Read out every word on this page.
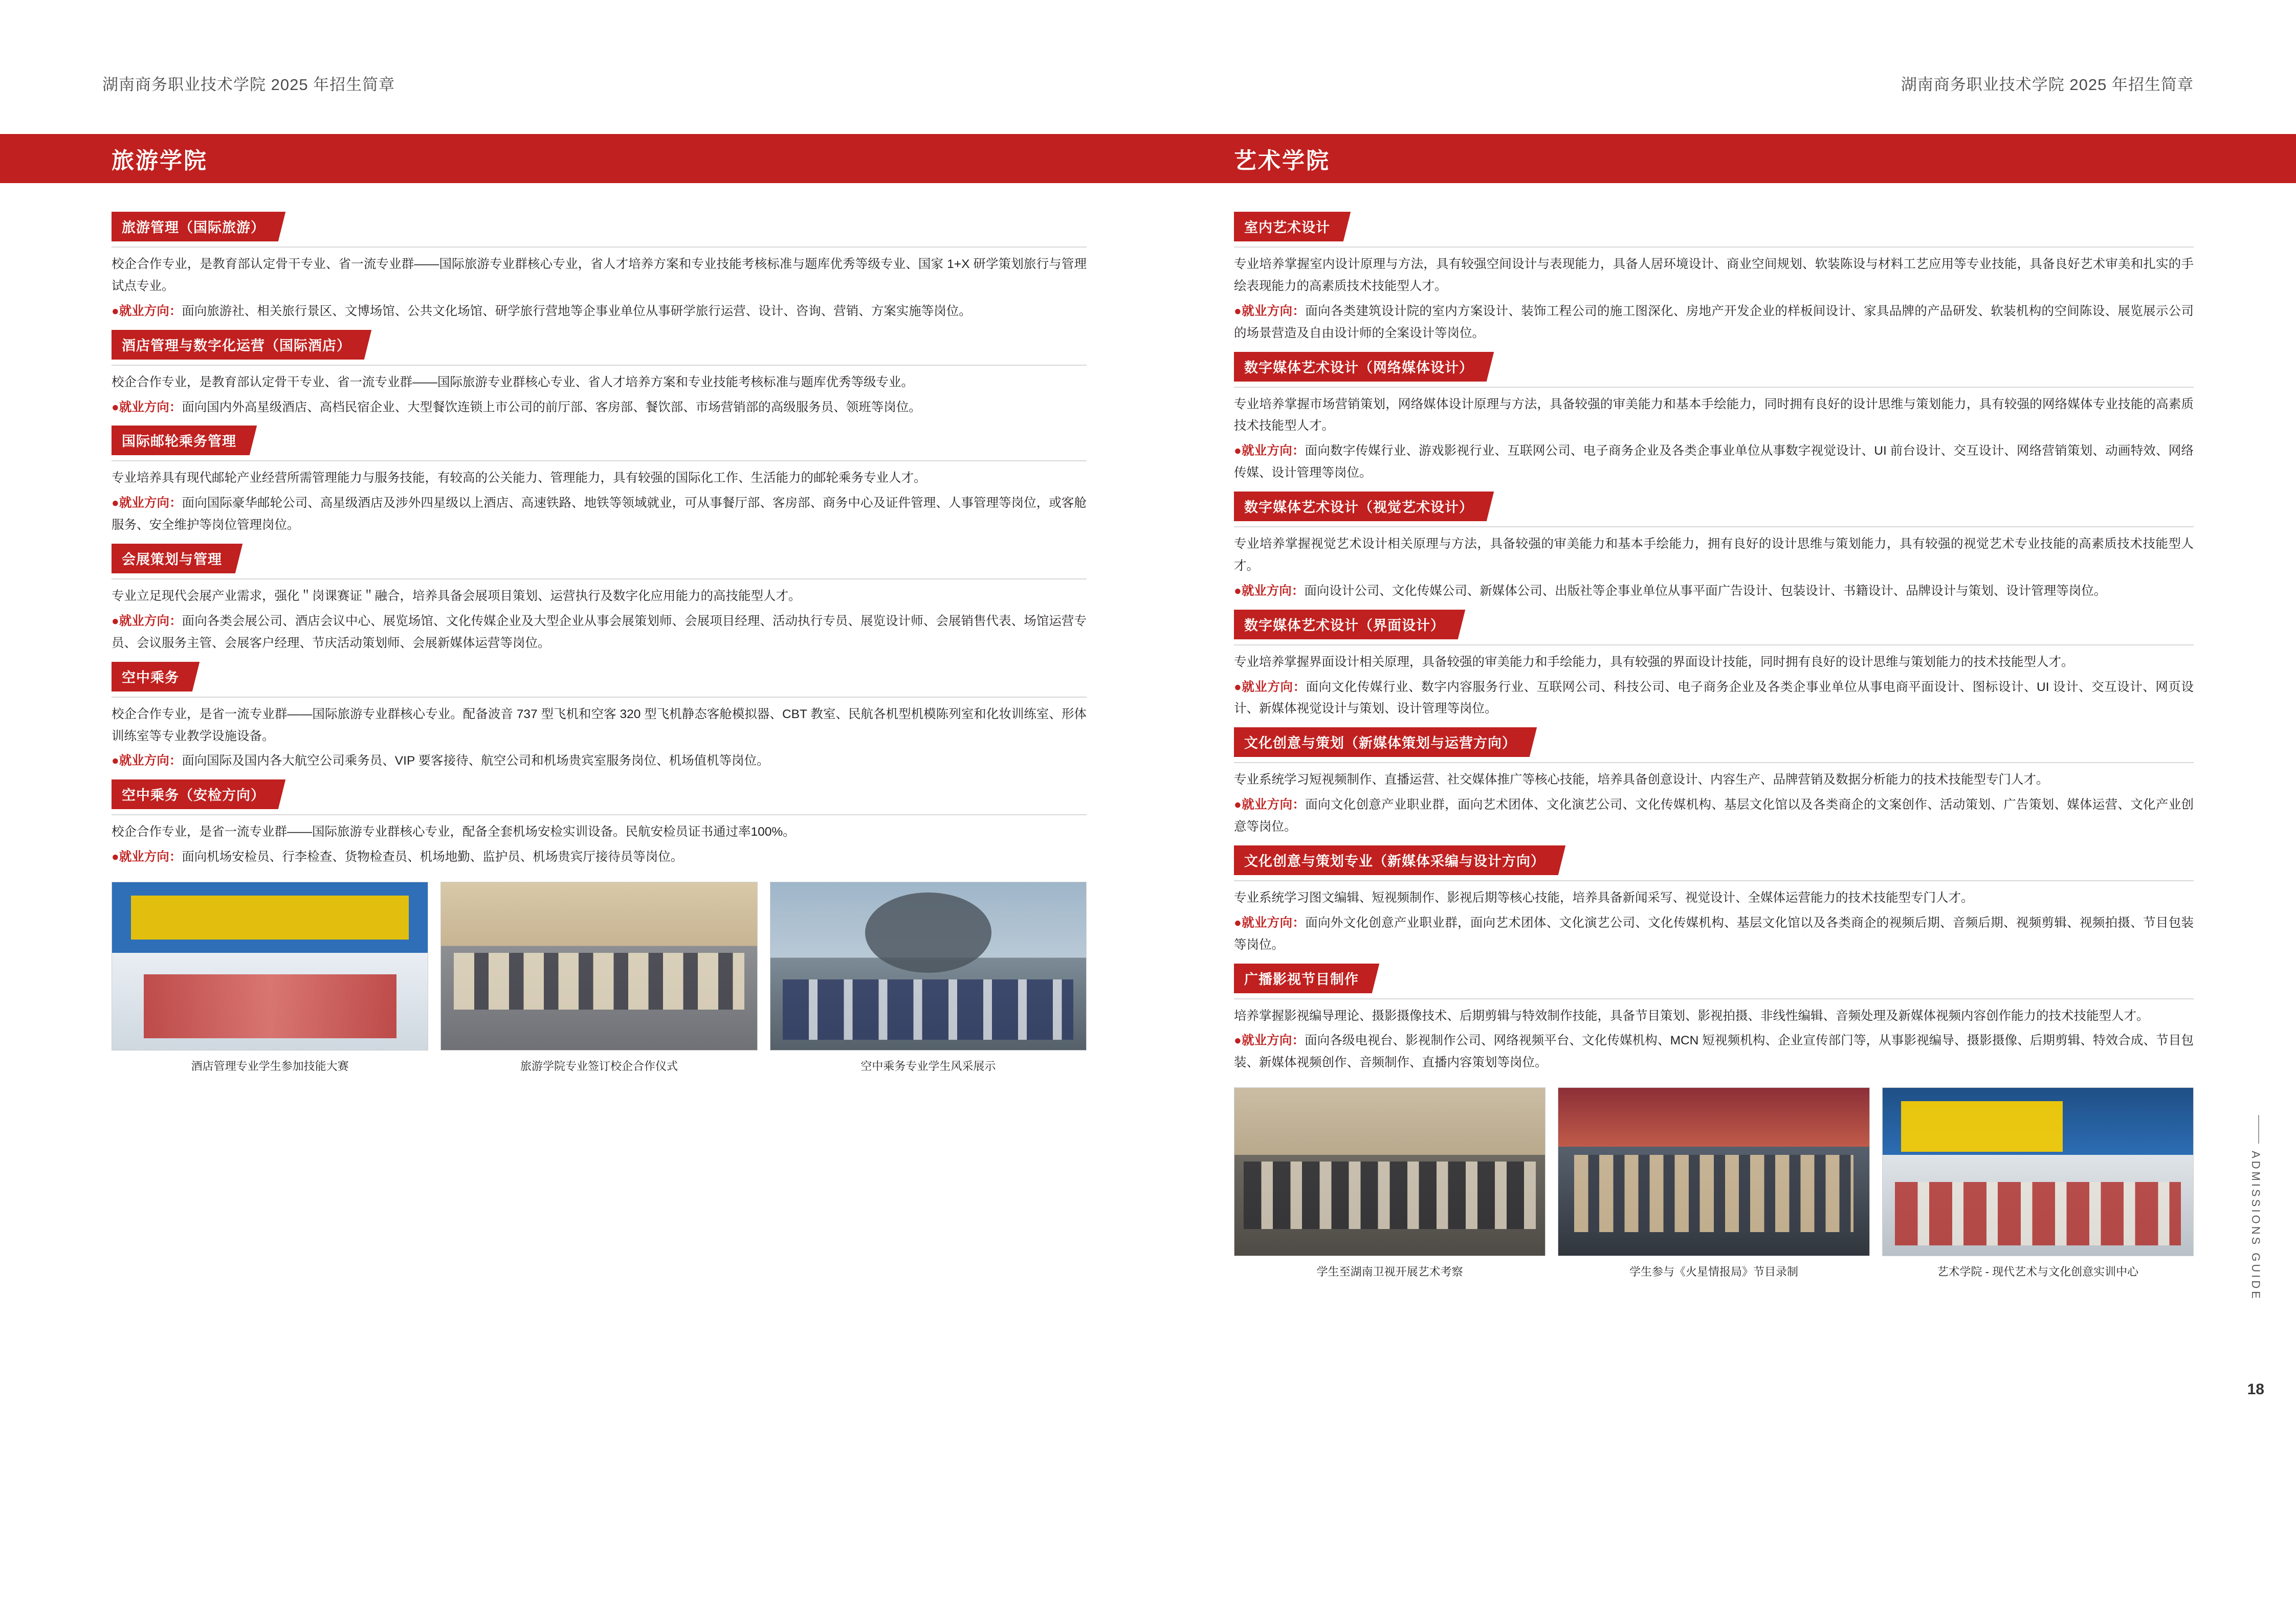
湖南商务职业技术学院 2025 年招生简章	湖南商务职业技术学院 2025 年招生简章
旅游学院
旅游管理（国际旅游）

校企合作专业，是教育部认定骨干专业、省一流专业群——国际旅游专业群核心专业，省人才培养方案和专业技能考核标准与题库优秀等级专业、国家 1+X 研学策划旅行与管理试点专业。

●就业方向：面向旅游社、相关旅行景区、文博场馆、公共文化场馆、研学旅行营地等企事业单位从事研学旅行运营、设计、咨询、营销、方案实施等岗位。

酒店管理与数字化运营（国际酒店）

校企合作专业，是教育部认定骨干专业、省一流专业群——国际旅游专业群核心专业、省人才培养方案和专业技能考核标准与题库优秀等级专业。

●就业方向：面向国内外高星级酒店、高档民宿企业、大型餐饮连锁上市公司的前厅部、客房部、餐饮部、市场营销部的高级服务员、领班等岗位。

国际邮轮乘务管理

专业培养具有现代邮轮产业经营所需管理能力与服务技能，有较高的公关能力、管理能力，具有较强的国际化工作、生活能力的邮轮乘务专业人才。

●就业方向：面向国际豪华邮轮公司、高星级酒店及涉外四星级以上酒店、高速铁路、地铁等领域就业，可从事餐厅部、客房部、商务中心及证件管理、人事管理等岗位，或客舱服务、安全维护等岗位管理岗位。

会展策划与管理

专业立足现代会展产业需求，强化＂岗课赛证＂融合，培养具备会展项目策划、运营执行及数字化应用能力的高技能型人才。

●就业方向：面向各类会展公司、酒店会议中心、展览场馆、文化传媒企业及大型企业从事会展策划师、会展项目经理、活动执行专员、展览设计师、会展销售代表、场馆运营专员、会议服务主管、会展客户经理、节庆活动策划师、会展新媒体运营等岗位。

空中乘务

校企合作专业，是省一流专业群——国际旅游专业群核心专业。配备波音 737 型飞机和空客 320 型飞机静态客舱模拟器、CBT 教室、民航各机型机模陈列室和化妆训练室、形体训练室等专业教学设施设备。

●就业方向：面向国际及国内各大航空公司乘务员、VIP 要客接待、航空公司和机场贵宾室服务岗位、机场值机等岗位。

空中乘务（安检方向）

校企合作专业，是省一流专业群——国际旅游专业群核心专业，配备全套机场安检实训设备。民航安检员证书通过率100%。

●就业方向：面向机场安检员、行李检查、货物检查员、机场地勤、监护员、机场贵宾厅接待员等岗位。

酒店管理专业学生参加技能大赛	旅游学院专业签订校企合作仪式	空中乘务专业学生风采展示
艺术学院
室内艺术设计

专业培养掌握室内设计原理与方法，具有较强空间设计与表现能力，具备人居环境设计、商业空间规划、软装陈设与材料工艺应用等专业技能，具备良好艺术审美和扎实的手绘表现能力的高素质技术技能型人才。

●就业方向：面向各类建筑设计院的室内方案设计、装饰工程公司的施工图深化、房地产开发企业的样板间设计、家具品牌的产品研发、软装机构的空间陈设、展览展示公司的场景营造及自由设计师的全案设计等岗位。

数字媒体艺术设计（网络媒体设计）

专业培养掌握市场营销策划，网络媒体设计原理与方法，具备较强的审美能力和基本手绘能力，同时拥有良好的设计思维与策划能力，具有较强的网络媒体专业技能的高素质技术技能型人才。

●就业方向：面向数字传媒行业、游戏影视行业、互联网公司、电子商务企业及各类企事业单位从事数字视觉设计、UI 前台设计、交互设计、网络营销策划、动画特效、网络传媒、设计管理等岗位。

数字媒体艺术设计（视觉艺术设计）

专业培养掌握视觉艺术设计相关原理与方法，具备较强的审美能力和基本手绘能力，拥有良好的设计思维与策划能力，具有较强的视觉艺术专业技能的高素质技术技能型人才。

●就业方向：面向设计公司、文化传媒公司、新媒体公司、出版社等企事业单位从事平面广告设计、包装设计、书籍设计、品牌设计与策划、设计管理等岗位。

数字媒体艺术设计（界面设计）

专业培养掌握界面设计相关原理，具备较强的审美能力和手绘能力，具有较强的界面设计技能，同时拥有良好的设计思维与策划能力的技术技能型人才。

●就业方向：面向文化传媒行业、数字内容服务行业、互联网公司、科技公司、电子商务企业及各类企事业单位从事电商平面设计、图标设计、UI 设计、交互设计、网页设计、新媒体视觉设计与策划、设计管理等岗位。

文化创意与策划（新媒体策划与运营方向）

专业系统学习短视频制作、直播运营、社交媒体推广等核心技能，培养具备创意设计、内容生产、品牌营销及数据分析能力的技术技能型专门人才。

●就业方向：面向文化创意产业职业群，面向艺术团体、文化演艺公司、文化传媒机构、基层文化馆以及各类商企的文案创作、活动策划、广告策划、媒体运营、文化产业创意等岗位。

文化创意与策划专业（新媒体采编与设计方向）

专业系统学习图文编辑、短视频制作、影视后期等核心技能，培养具备新闻采写、视觉设计、全媒体运营能力的技术技能型专门人才。

●就业方向：面向外文化创意产业职业群，面向艺术团体、文化演艺公司、文化传媒机构、基层文化馆以及各类商企的视频后期、音频后期、视频剪辑、视频拍摄、节目包装等岗位。

广播影视节目制作

培养掌握影视编导理论、摄影摄像技术、后期剪辑与特效制作技能，具备节目策划、影视拍摄、非线性编辑、音频处理及新媒体视频内容创作能力的技术技能型人才。

●就业方向：面向各级电视台、影视制作公司、网络视频平台、文化传媒机构、MCN 短视频机构、企业宣传部门等，从事影视编导、摄影摄像、后期剪辑、特效合成、节目包装、新媒体视频创作、音频制作、直播内容策划等岗位。

学生至湖南卫视开展艺术考察	学生参与《火星情报局》节目录制	艺术学院 - 现代艺术与文化创意实训中心	ADMISSIONS GUIDE
18
